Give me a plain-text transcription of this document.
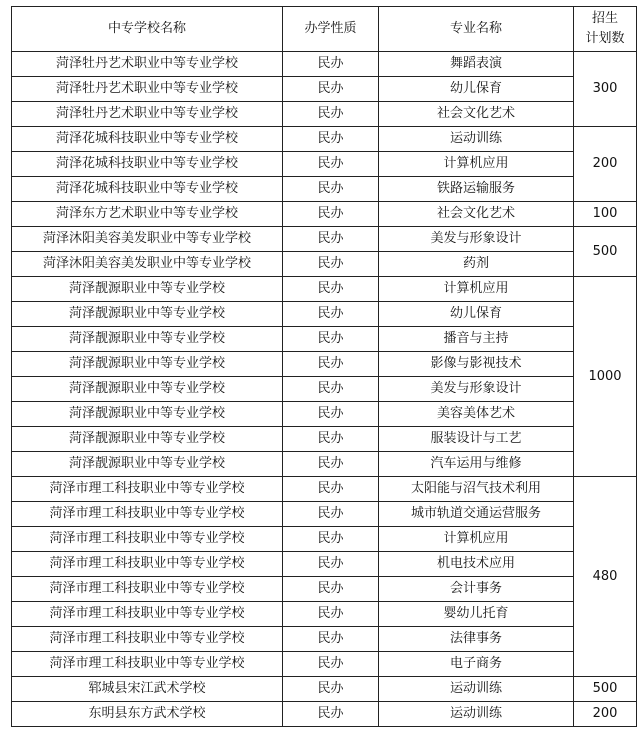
中专学校名称	办学性质	专业名称	招生
计划数
菏泽牡丹艺术职业中等专业学校	民办	舞蹈表演	300
菏泽牡丹艺术职业中等专业学校	民办	幼儿保育	
菏泽牡丹艺术职业中等专业学校	民办	社会文化艺术	
菏泽花城科技职业中等专业学校	民办	运动训练	200
菏泽花城科技职业中等专业学校	民办	计算机应用	
菏泽花城科技职业中等专业学校	民办	铁路运输服务	
菏泽东方艺术职业中等专业学校	民办	社会文化艺术	100
菏泽沐阳美容美发职业中等专业学校	民办	美发与形象设计	500
菏泽沐阳美容美发职业中等专业学校	民办	药剂	
菏泽靓源职业中等专业学校	民办	计算机应用	1000
菏泽靓源职业中等专业学校	民办	幼儿保育	
菏泽靓源职业中等专业学校	民办	播音与主持	
菏泽靓源职业中等专业学校	民办	影像与影视技术	
菏泽靓源职业中等专业学校	民办	美发与形象设计	
菏泽靓源职业中等专业学校	民办	美容美体艺术	
菏泽靓源职业中等专业学校	民办	服装设计与工艺	
菏泽靓源职业中等专业学校	民办	汽车运用与维修	
菏泽市理工科技职业中等专业学校	民办	太阳能与沼气技术利用	480
菏泽市理工科技职业中等专业学校	民办	城市轨道交通运营服务	
菏泽市理工科技职业中等专业学校	民办	计算机应用	
菏泽市理工科技职业中等专业学校	民办	机电技术应用	
菏泽市理工科技职业中等专业学校	民办	会计事务	
菏泽市理工科技职业中等专业学校	民办	婴幼儿托育	
菏泽市理工科技职业中等专业学校	民办	法律事务	
菏泽市理工科技职业中等专业学校	民办	电子商务	
郓城县宋江武术学校	民办	运动训练	500
东明县东方武术学校	民办	运动训练	200
